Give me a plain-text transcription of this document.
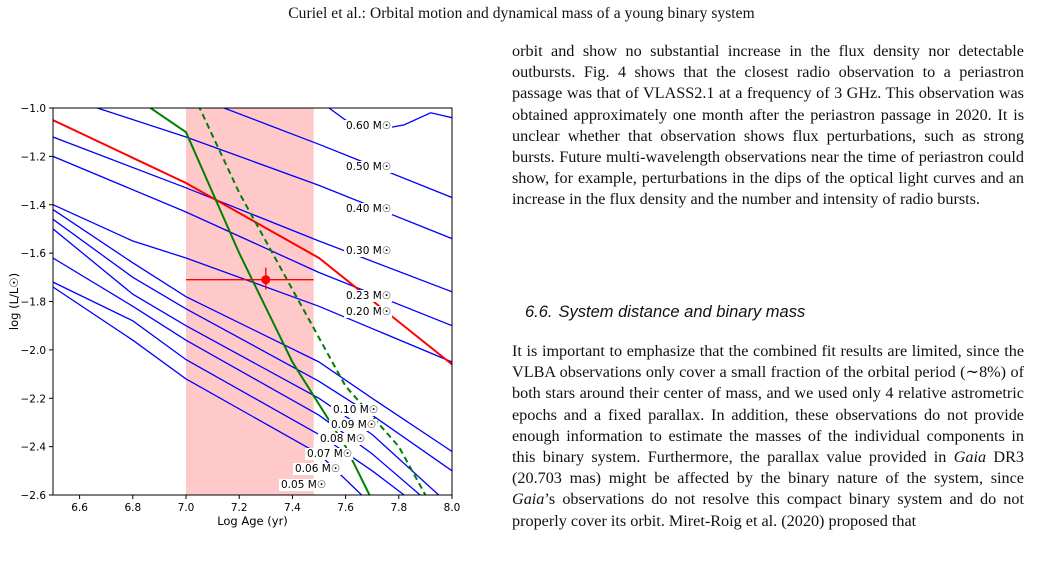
Curiel et al.: Orbital motion and dynamical mass of a young binary system
0.60 M☉
0.50 M☉
0.40 M☉
0.30 M☉
0.23 M☉
0.20 M☉
0.10 M☉
0.09 M☉
0.08 M☉
0.07 M☉
0.06 M☉
0.05 M☉
6.6	6.8	7.0	7.2	7.4	7.6	7.8	8.0
−1.0
−1.2
−1.4
−1.6
−1.8
−2.0
−2.2
−2.4
−2.6
Log Age (yr)
log (L/L☉)

orbit and show no substantial increase in the flux density nor detectable outbursts. Fig. 4 shows that the closest radio observation to a periastron passage was that of VLASS2.1 at a frequency of 3 GHz. This observation was obtained approximately one month after the periastron passage in 2020. It is unclear whether that observation shows flux perturbations, such as strong bursts. Future multi-wavelength observations near the time of periastron could show, for example, perturbations in the dips of the optical light curves and an increase in the flux density and the number and intensity of radio bursts.

6.6. System distance and binary mass

It is important to emphasize that the combined fit results are limited, since the VLBA observations only cover a small fraction of the orbital period (∼8%) of both stars around their center of mass, and we used only 4 relative astrometric epochs and a fixed parallax. In addition, these observations do not provide enough information to estimate the masses of the individual components in this binary system. Furthermore, the parallax value provided in Gaia DR3 (20.703 mas) might be affected by the binary nature of the system, since Gaia’s observations do not resolve this compact binary system and do not properly cover its orbit. Miret-Roig et al. (2020) proposed that
